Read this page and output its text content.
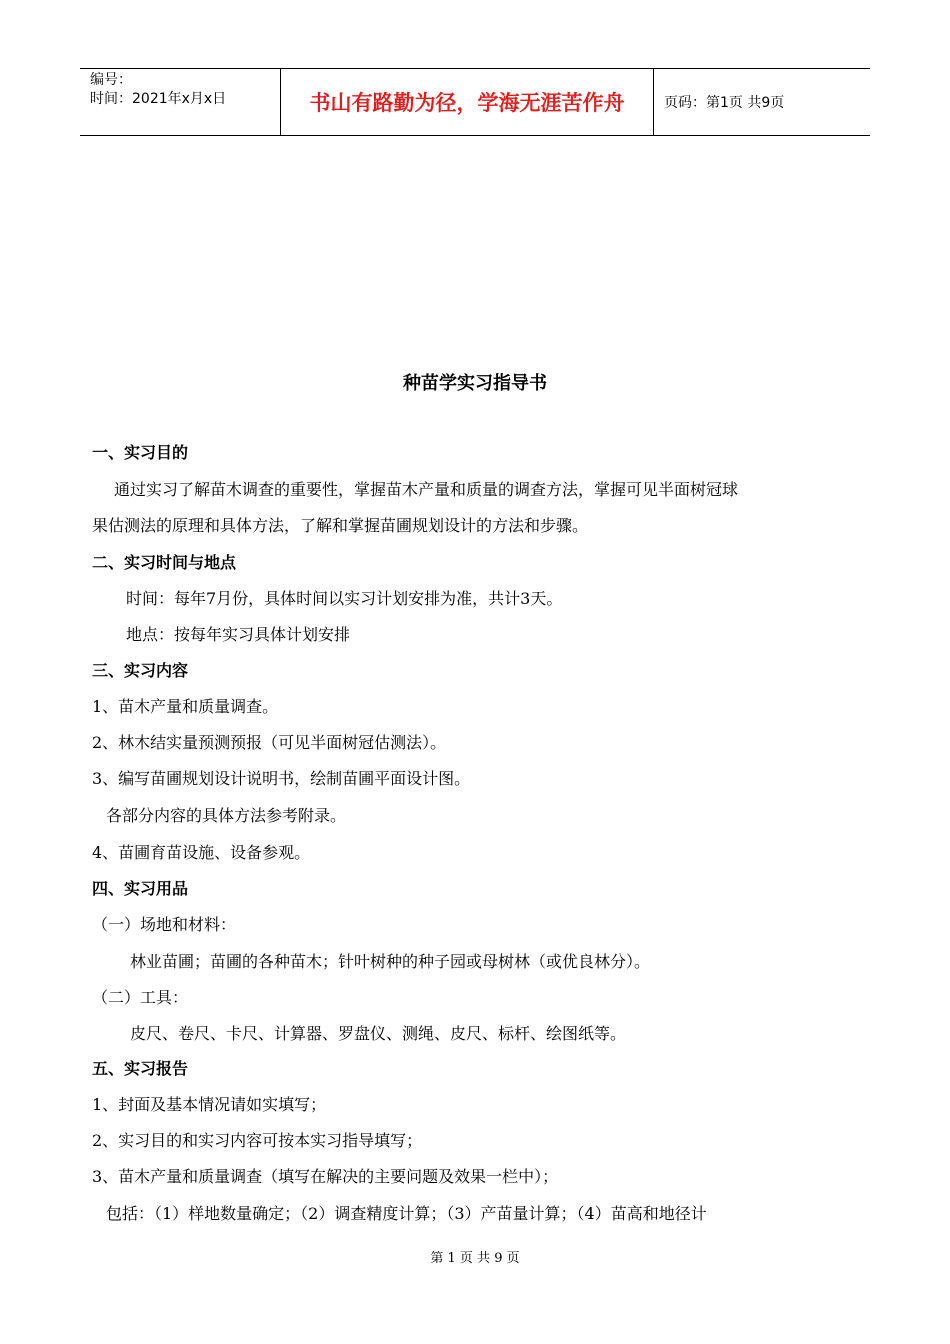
编号：
时间：2021年x月x日	书山有路勤为径，学海无涯苦作舟	页码：第1页 共9页
种苗学实习指导书
一、实习目的
通过实习了解苗木调查的重要性，掌握苗木产量和质量的调查方法，掌握可见半面树冠球
果估测法的原理和具体方法，了解和掌握苗圃规划设计的方法和步骤。
二、实习时间与地点
时间：每年7月份，具体时间以实习计划安排为准，共计3天。
地点：按每年实习具体计划安排
三、实习内容
1、苗木产量和质量调查。
2、林木结实量预测预报（可见半面树冠估测法）。
3、编写苗圃规划设计说明书，绘制苗圃平面设计图。
各部分内容的具体方法参考附录。
4、苗圃育苗设施、设备参观。
四、实习用品
（一）场地和材料：
林业苗圃；苗圃的各种苗木；针叶树种的种子园或母树林（或优良林分）。
（二）工具：
皮尺、卷尺、卡尺、计算器、罗盘仪、测绳、皮尺、标杆、绘图纸等。
五、实习报告
1、封面及基本情况请如实填写；
2、实习目的和实习内容可按本实习指导填写；
3、苗木产量和质量调查（填写在解决的主要问题及效果一栏中）；
包括：（1）样地数量确定；（2）调查精度计算；（3）产苗量计算；（4）苗高和地径计
第 1 页 共 9 页
